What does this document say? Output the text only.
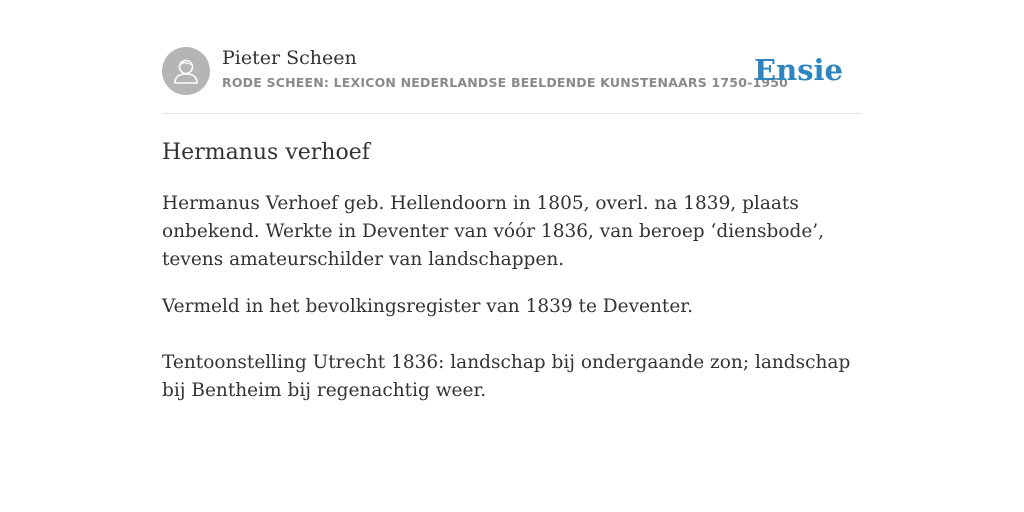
Pieter Scheen
RODE SCHEEN: LEXICON NEDERLANDSE BEELDENDE KUNSTENAARS 1750-1950
Ensie
Hermanus verhoef

Hermanus Verhoef geb. Hellendoorn in 1805, overl. na 1839, plaats onbekend. Werkte in Deventer van vóór 1836, van beroep ‘diensbode’, tevens amateurschilder van landschappen.

Vermeld in het bevolkingsregister van 1839 te Deventer.

Tentoonstelling Utrecht 1836: landschap bij ondergaande zon; landschap bij Bentheim bij regenachtig weer.
